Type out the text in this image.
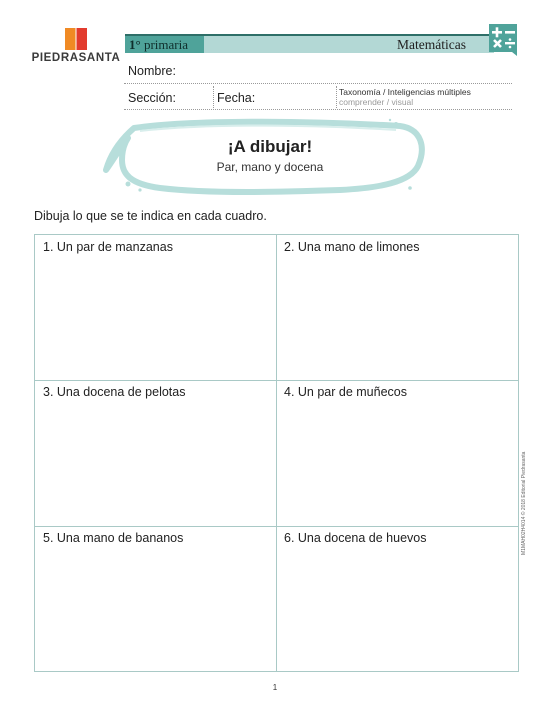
PIEDRASANTA
1° primaria	Matemáticas
Nombre:
Sección:	Fecha:	Taxonomía / Inteligencias múltiples
comprender / visual
¡A dibujar!
Par, mano y docena
Dibuja lo que se te indica en cada cuadro.
1. Un par de manzanas	2. Una mano de limones
3. Una docena de pelotas	4. Un par de muñecos
5. Una mano de bananos	6. Una docena de huevos	M1MAH02H4014 © 2018 Editorial Piedrasanta
1
